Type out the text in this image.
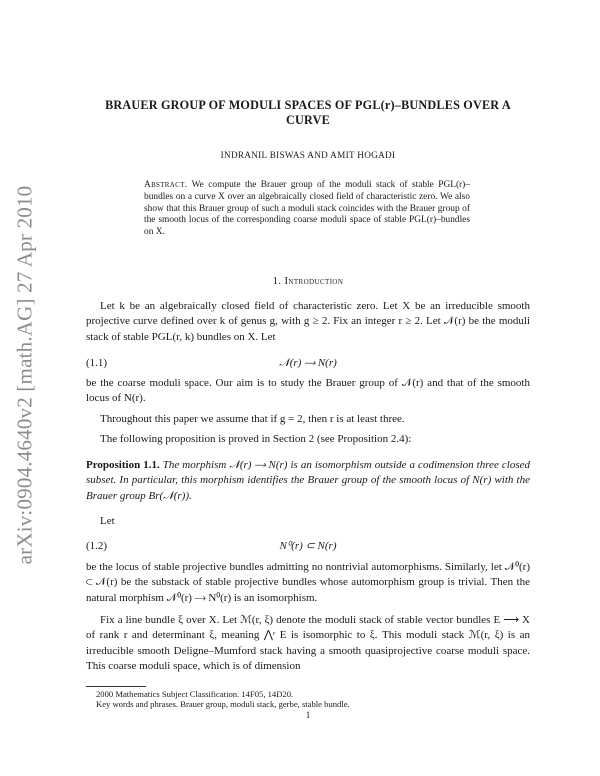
arXiv:0904.4640v2 [math.AG] 27 Apr 2010
BRAUER GROUP OF MODULI SPACES OF PGL(r)–BUNDLES OVER A CURVE
INDRANIL BISWAS AND AMIT HOGADI
Abstract. We compute the Brauer group of the moduli stack of stable PGL(r)–bundles on a curve X over an algebraically closed field of characteristic zero. We also show that this Brauer group of such a moduli stack coincides with the Brauer group of the smooth locus of the corresponding coarse moduli space of stable PGL(r)–bundles on X.
1. Introduction
Let k be an algebraically closed field of characteristic zero. Let X be an irreducible smooth projective curve defined over k of genus g, with g ≥ 2. Fix an integer r ≥ 2. Let 𝒩(r) be the moduli stack of stable PGL(r, k) bundles on X. Let
(1.1)	𝒩(r) ⟶ N(r)
be the coarse moduli space. Our aim is to study the Brauer group of 𝒩(r) and that of the smooth locus of N(r).
Throughout this paper we assume that if g = 2, then r is at least three.
The following proposition is proved in Section 2 (see Proposition 2.4):
Proposition 1.1. The morphism 𝒩(r) ⟶ N(r) is an isomorphism outside a codimension three closed subset. In particular, this morphism identifies the Brauer group of the smooth locus of N(r) with the Brauer group Br(𝒩(r)).
Let
(1.2)	N⁰(r) ⊂ N(r)
be the locus of stable projective bundles admitting no nontrivial automorphisms. Similarly, let 𝒩⁰(r) ⊂ 𝒩(r) be the substack of stable projective bundles whose automorphism group is trivial. Then the natural morphism 𝒩⁰(r) ⟶ N⁰(r) is an isomorphism.
Fix a line bundle ξ over X. Let ℳ(r, ξ) denote the moduli stack of stable vector bundles E ⟶ X of rank r and determinant ξ, meaning ⋀ʳ E is isomorphic to ξ. This moduli stack ℳ(r, ξ) is an irreducible smooth Deligne–Mumford stack having a smooth quasiprojective coarse moduli space. This coarse moduli space, which is of dimension
2000 Mathematics Subject Classification. 14F05, 14D20.
Key words and phrases. Brauer group, moduli stack, gerbe, stable bundle.
1
